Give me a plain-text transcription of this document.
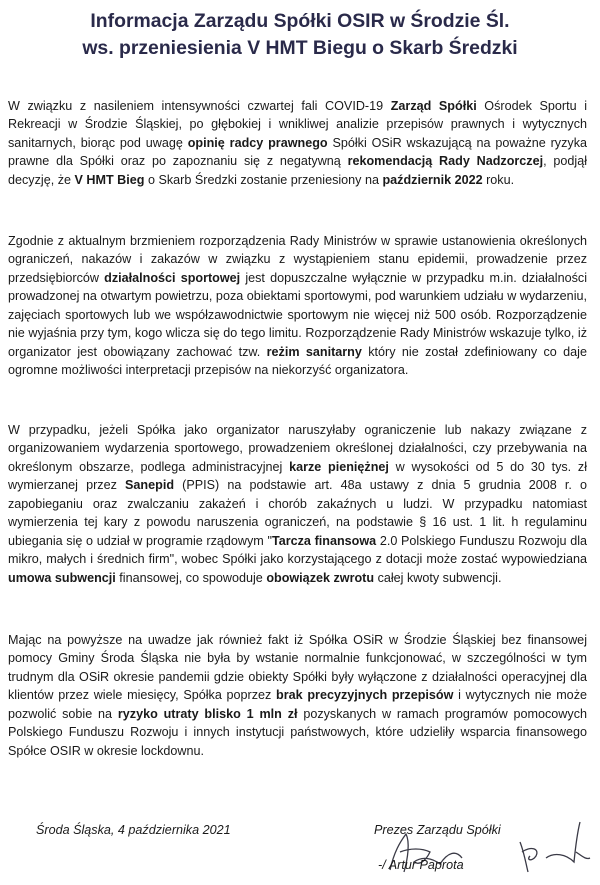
Informacja Zarządu Spółki OSIR w Środzie Śl.
ws. przeniesienia V HMT Biegu o Skarb Średzki

W związku z nasileniem intensywności czwartej fali COVID-19 Zarząd Spółki Ośrodek Sportu i Rekreacji w Środzie Śląskiej, po głębokiej i wnikliwej analizie przepisów prawnych i wytycznych sanitarnych, biorąc pod uwagę opinię radcy prawnego Spółki OSiR wskazującą na poważne ryzyka prawne dla Spółki oraz po zapoznaniu się z negatywną rekomendacją Rady Nadzorczej, podjął decyzję, że V HMT Bieg o Skarb Średzki zostanie przeniesiony na październik 2022 roku.

Zgodnie z aktualnym brzmieniem rozporządzenia Rady Ministrów w sprawie ustanowienia określonych ograniczeń, nakazów i zakazów w związku z wystąpieniem stanu epidemii, prowadzenie przez przedsiębiorców działalności sportowej jest dopuszczalne wyłącznie w przypadku m.in. działalności prowadzonej na otwartym powietrzu, poza obiektami sportowymi, pod warunkiem udziału w wydarzeniu, zajęciach sportowych lub we współzawodnictwie sportowym nie więcej niż 500 osób. Rozporządzenie nie wyjaśnia przy tym, kogo wlicza się do tego limitu. Rozporządzenie Rady Ministrów wskazuje tylko, iż organizator jest obowiązany zachować tzw. reżim sanitarny który nie został zdefiniowany co daje ogromne możliwości interpretacji przepisów na niekorzyść organizatora.

W przypadku, jeżeli Spółka jako organizator naruszyłaby ograniczenie lub nakazy związane z organizowaniem wydarzenia sportowego, prowadzeniem określonej działalności, czy przebywania na określonym obszarze, podlega administracyjnej karze pieniężnej w wysokości od 5 do 30 tys. zł wymierzanej przez Sanepid (PPIS) na podstawie art. 48a ustawy z dnia 5 grudnia 2008 r. o zapobieganiu oraz zwalczaniu zakażeń i chorób zakaźnych u ludzi. W przypadku natomiast wymierzenia tej kary z powodu naruszenia ograniczeń, na podstawie § 16 ust. 1 lit. h regulaminu ubiegania się o udział w programie rządowym "Tarcza finansowa 2.0 Polskiego Funduszu Rozwoju dla mikro, małych i średnich firm", wobec Spółki jako korzystającego z dotacji może zostać wypowiedziana umowa subwencji finansowej, co spowoduje obowiązek zwrotu całej kwoty subwencji.

Mając na powyższe na uwadze jak również fakt iż Spółka OSiR w Środzie Śląskiej bez finansowej pomocy Gminy Środa Śląska nie była by wstanie normalnie funkcjonować, w szczególności w tym trudnym dla OSiR okresie pandemii gdzie obiekty Spółki były wyłączone z działalności operacyjnej dla klientów przez wiele miesięcy, Spółka poprzez brak precyzyjnych przepisów i wytycznych nie może pozwolić sobie na ryzyko utraty blisko 1 mln zł pozyskanych w ramach programów pomocowych Polskiego Funduszu Rozwoju i innych instytucji państwowych, które udzieliły wsparcia finansowego Spółce OSIR w okresie lockdownu.

Środa Śląska, 4 października 2021	Prezes Zarządu Spółki
-/ Artur Paprota
